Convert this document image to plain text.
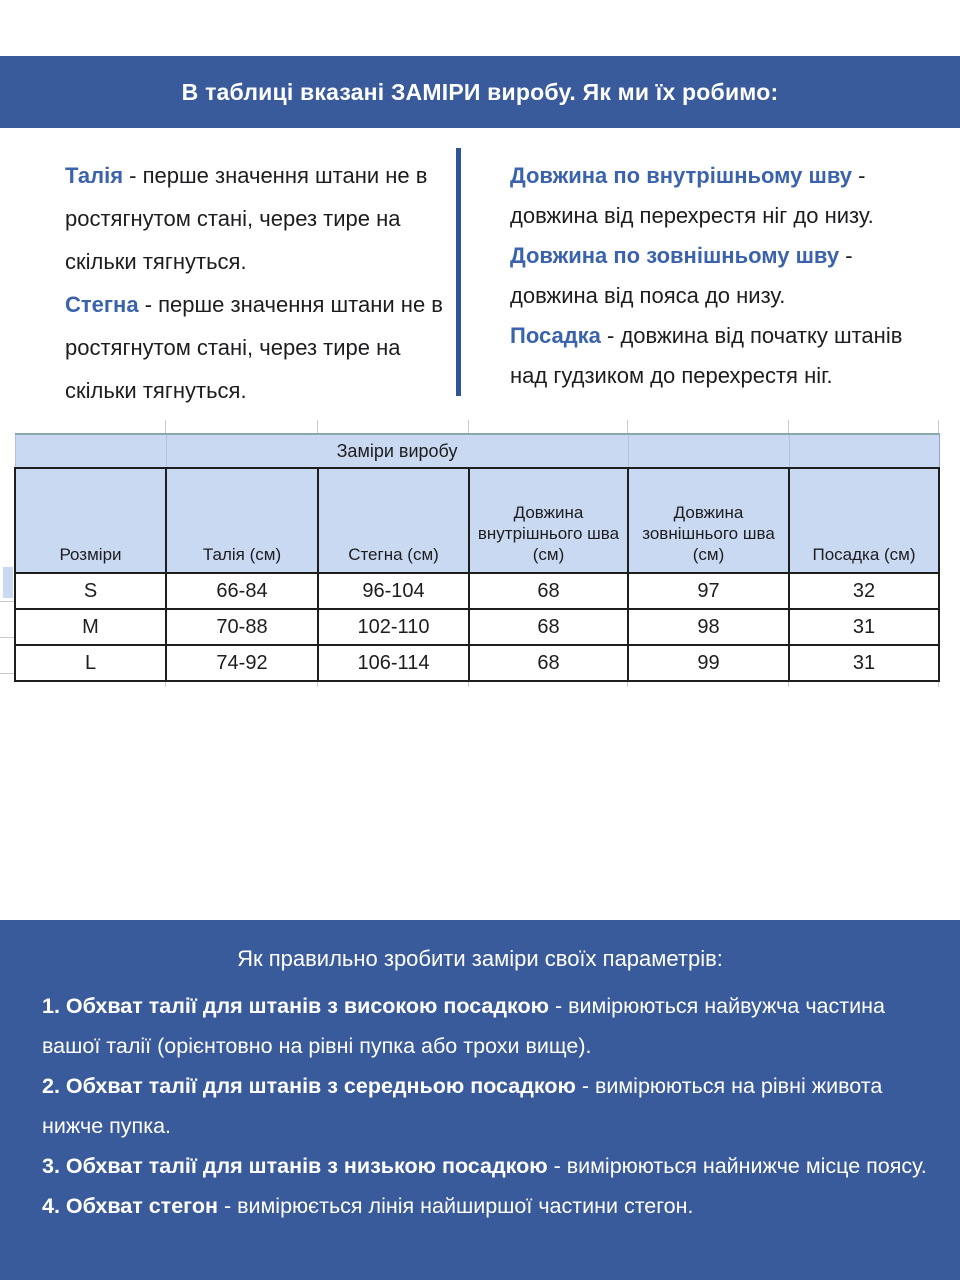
В таблиці вказані ЗАМІРИ виробу. Як ми їх робимо:

Талія - перше значення штани не в ростягнутом стані, через тире на скільки тягнуться.

Стегна - перше значення штани не в ростягнутом стані, через тире на скільки тягнуться.

Довжина по внутрішньому шву - довжина від перехрестя ніг до низу.

Довжина по зовнішньому шву - довжина від пояса до низу.

Посадка - довжина від початку штанів над гудзиком до перехрестя ніг.

	Заміри виробу				
Розміри	Талія (см)	Стегна (см)	Довжина внутрішнього шва (см)	Довжина зовнішнього шва (см)	Посадка (см)
S	66-84	96-104	68	97	32
M	70-88	102-110	68	98	31
L	74-92	106-114	68	99	31

Як правильно зробити заміри своїх параметрів:

1. Обхват талії для штанів з високою посадкою - вимірюються найвужча частина вашої талії (орієнтовно на рівні пупка або трохи вище).

2. Обхват талії для штанів з середньою посадкою - вимірюються на рівні живота нижче пупка.

3. Обхват талії для штанів з низькою посадкою - вимірюються найнижче місце поясу.

4. Обхват стегон - вимірюється лінія найширшої частини стегон.
